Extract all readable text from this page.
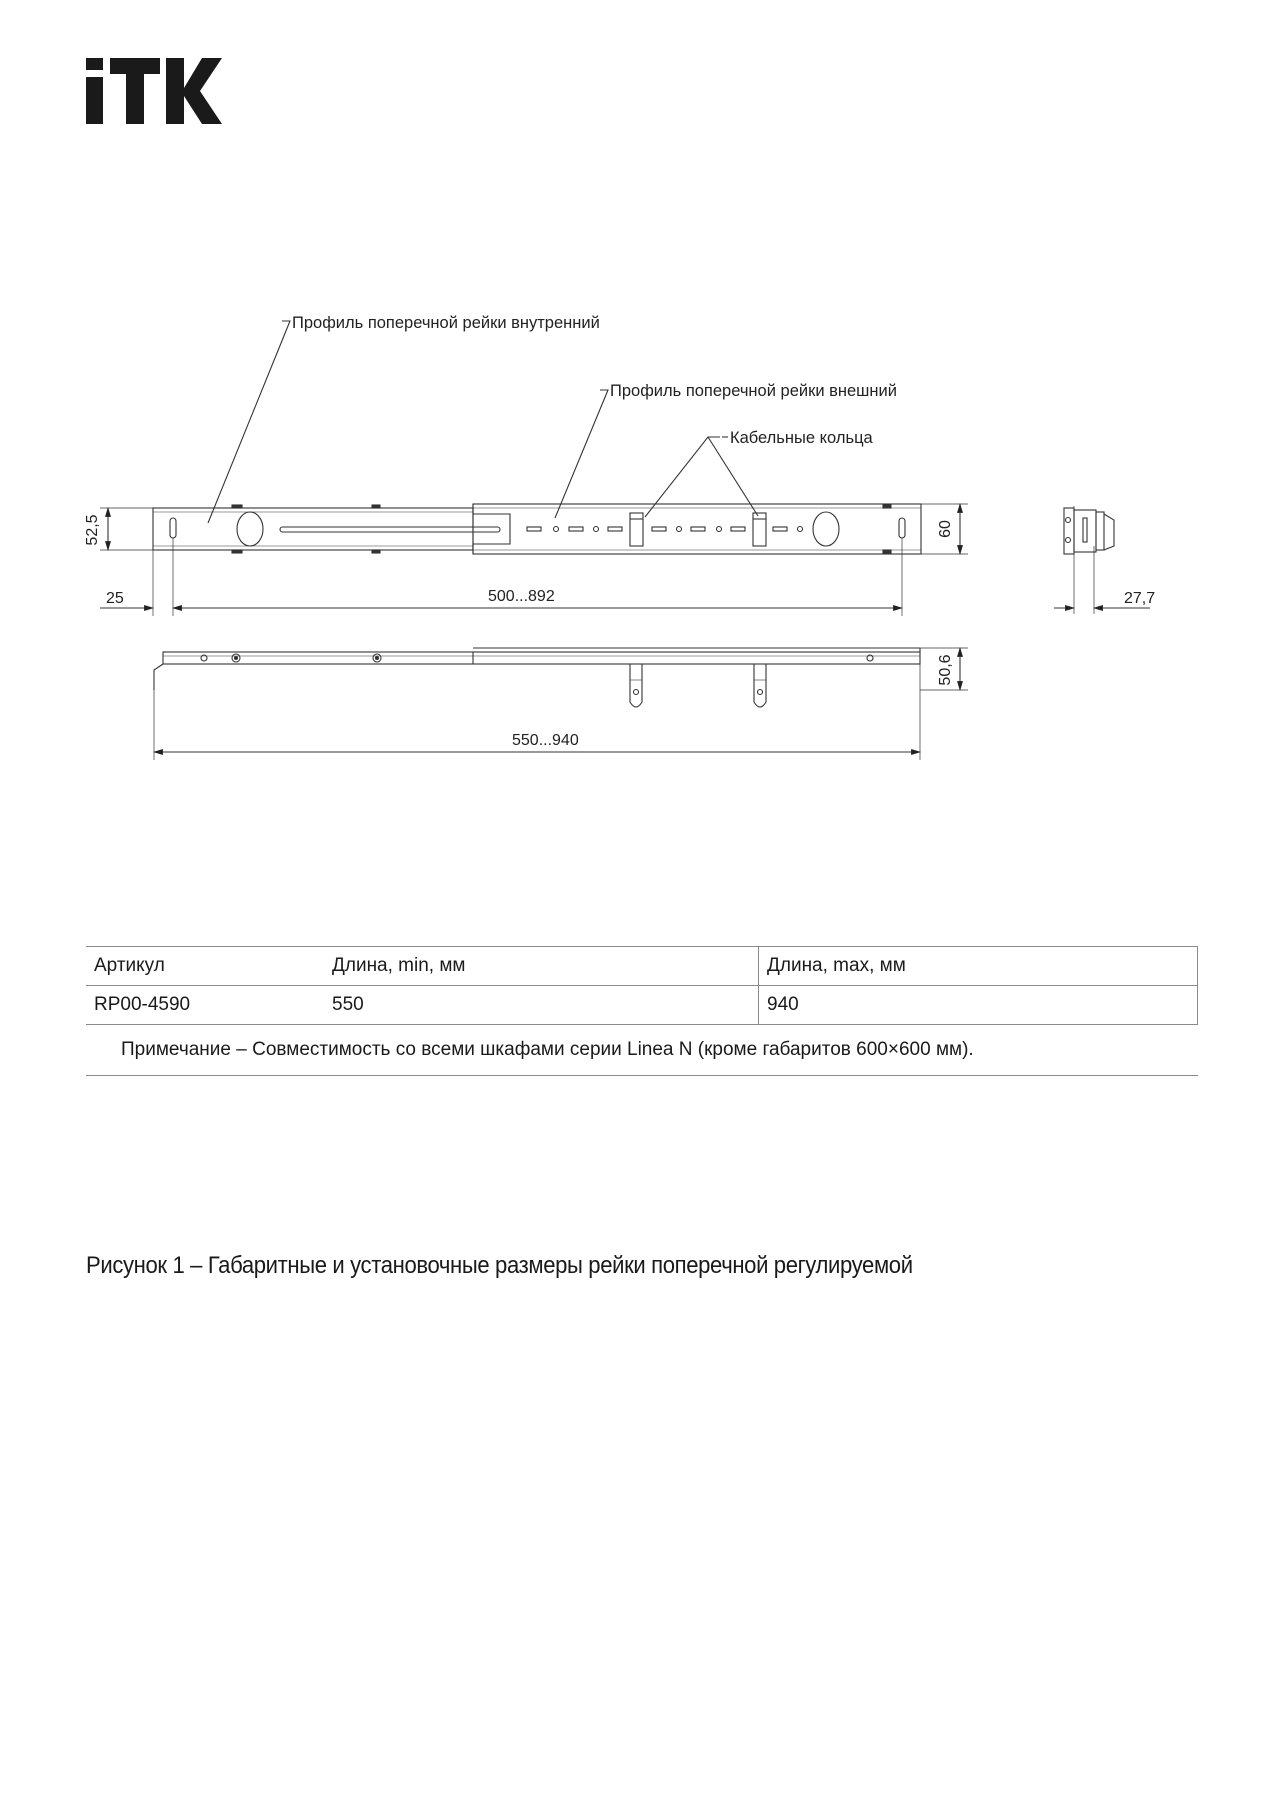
Профиль поперечной рейки внутренний
Профиль поперечной рейки внешний
Кабельные кольца
52,5	60
25	500...892	27,7
50,6
550...940
Артикул	Длина, min, мм	Длина, max, мм
RP00-4590	550	940
Примечание – Совместимость со всеми шкафами серии Linea N (кроме габаритов 600×600 мм).		
Рисунок 1 – Габаритные и установочные размеры рейки поперечной регулируемой
